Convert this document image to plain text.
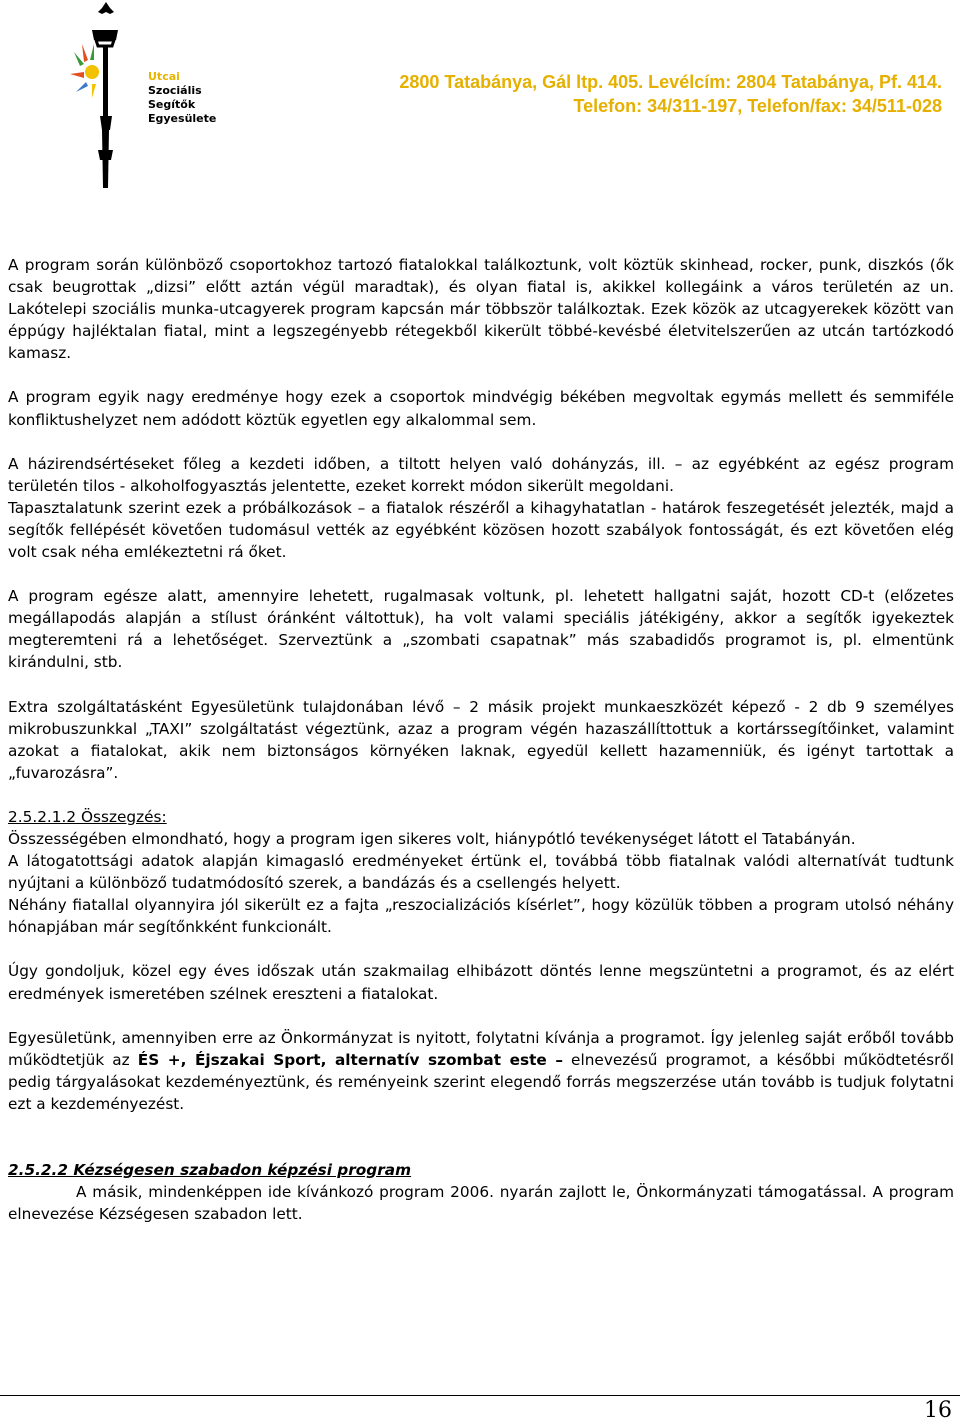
Utcai
Szociális
Segítők
Egyesülete
2800 Tatabánya, Gál ltp. 405. Levélcím: 2804 Tatabánya, Pf. 414.
Telefon: 34/311-197, Telefon/fax: 34/511-028

A program során különböző csoportokhoz tartozó fiatalokkal találkoztunk, volt köztük skinhead, rocker, punk, diszkós (ők csak beugrottak „dizsi” előtt aztán végül maradtak), és olyan fiatal is, akikkel kollegáink a város területén az un. Lakótelepi szociális munka-utcagyerek program kapcsán már többször találkoztak. Ezek közök az utcagyerekek között van éppúgy hajléktalan fiatal, mint a legszegényebb rétegekből kikerült többé-kevésbé életvitelszerűen az utcán tartózkodó kamasz.

A program egyik nagy eredménye hogy ezek a csoportok mindvégig békében megvoltak egymás mellett és semmiféle konfliktushelyzet nem adódott köztük egyetlen egy alkalommal sem.

A házirendsértéseket főleg a kezdeti időben, a tiltott helyen való dohányzás, ill. – az egyébként az egész program területén tilos - alkoholfogyasztás jelentette, ezeket korrekt módon sikerült megoldani.

Tapasztalatunk szerint ezek a próbálkozások – a fiatalok részéről a kihagyhatatlan - határok feszegetését jelezték, majd a segítők fellépését követően tudomásul vették az egyébként közösen hozott szabályok fontosságát, és ezt követően elég volt csak néha emlékeztetni rá őket.

A program egésze alatt, amennyire lehetett, rugalmasak voltunk, pl. lehetett hallgatni saját, hozott CD-t (előzetes megállapodás alapján a stílust óránként váltottuk), ha volt valami speciális játékigény, akkor a segítők igyekeztek megteremteni rá a lehetőséget. Szerveztünk a „szombati csapatnak” más szabadidős programot is, pl. elmentünk kirándulni, stb.

Extra szolgáltatásként Egyesületünk tulajdonában lévő – 2 másik projekt munkaeszközét képező - 2 db 9 személyes mikrobuszunkkal „TAXI” szolgáltatást végeztünk, azaz a program végén hazaszállíttottuk a kortárssegítőinket, valamint azokat a fiatalokat, akik nem biztonságos környéken laknak, egyedül kellett hazamenniük, és igényt tartottak a „fuvarozásra”.

2.5.2.1.2 Összegzés:

Összességében elmondható, hogy a program igen sikeres volt, hiánypótló tevékenységet látott el Tatabányán.

A látogatottsági adatok alapján kimagasló eredményeket értünk el, továbbá több fiatalnak valódi alternatívát tudtunk nyújtani a különböző tudatmódosító szerek, a bandázás és a csellengés helyett.

Néhány fiatallal olyannyira jól sikerült ez a fajta „reszocializációs kísérlet”, hogy közülük többen a program utolsó néhány hónapjában már segítőnkként funkcionált.

Úgy gondoljuk, közel egy éves időszak után szakmailag elhibázott döntés lenne megszüntetni a programot, és az elért eredmények ismeretében szélnek ereszteni a fiatalokat.

Egyesületünk, amennyiben erre az Önkormányzat is nyitott, folytatni kívánja a programot. Így jelenleg saját erőből tovább működtetjük az ÉS +, Éjszakai Sport, alternatív szombat este – elnevezésű programot, a későbbi működtetésről pedig tárgyalásokat kezdeményeztünk, és reményeink szerint elegendő forrás megszerzése után tovább is tudjuk folytatni ezt a kezdeményezést.

2.5.2.2 Kézségesen szabadon képzési program

A másik, mindenképpen ide kívánkozó program 2006. nyarán zajlott le, Önkormányzati támogatással. A program elnevezése Kézségesen szabadon lett.

16
